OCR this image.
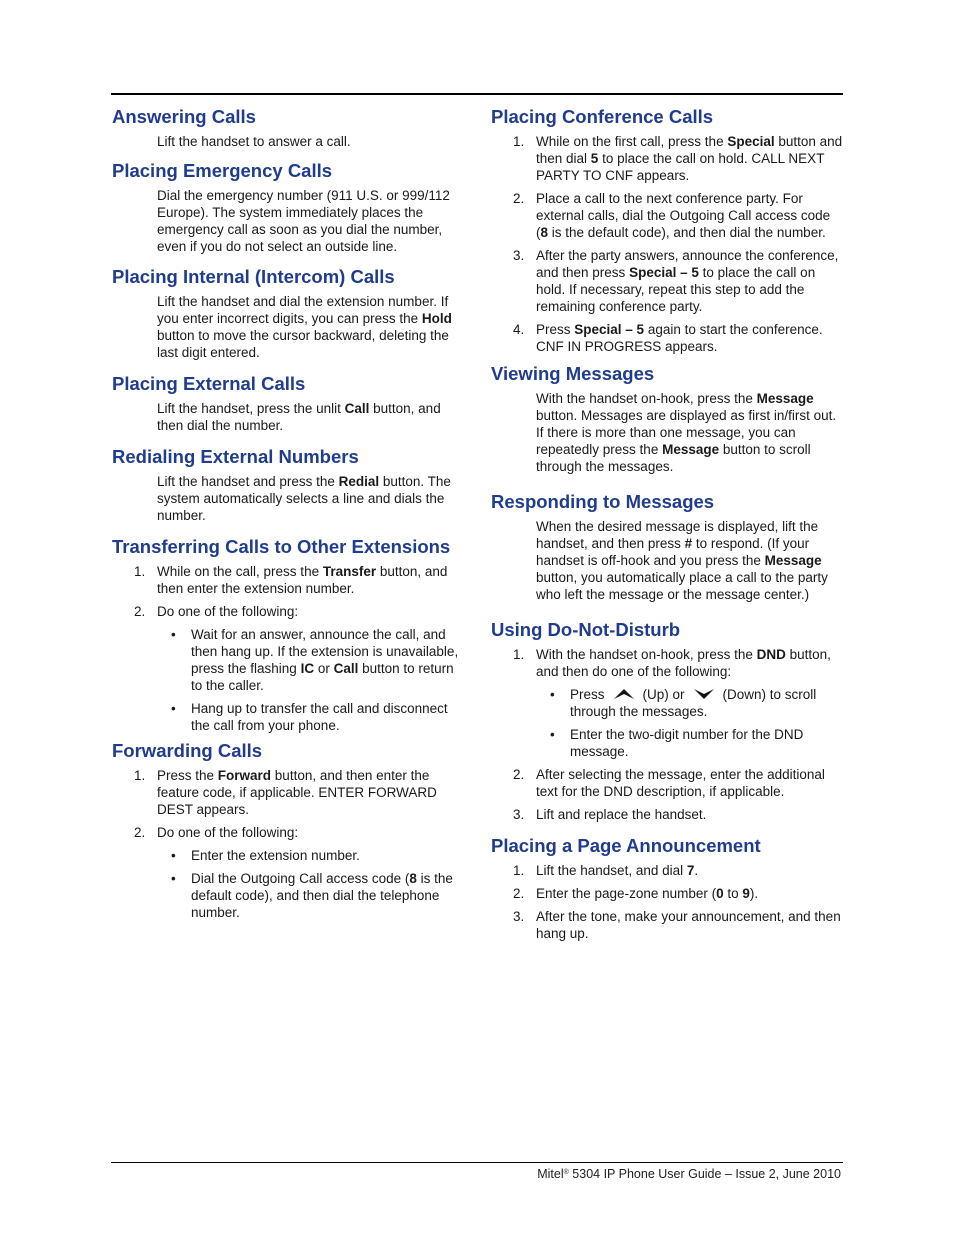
Answering Calls
Lift the handset to answer a call.
Placing Emergency Calls
Dial the emergency number (911 U.S. or 999/112 Europe). The system immediately places the emergency call as soon as you dial the number, even if you do not select an outside line.
Placing Internal (Intercom) Calls
Lift the handset and dial the extension number. If you enter incorrect digits, you can press the Hold button to move the cursor backward, deleting the last digit entered.
Placing External Calls
Lift the handset, press the unlit Call button, and then dial the number.
Redialing External Numbers
Lift the handset and press the Redial button. The system automatically selects a line and dials the number.
Transferring Calls to Other Extensions
1. While on the call, press the Transfer button, and then enter the extension number.
2. Do one of the following:
• Wait for an answer, announce the call, and then hang up. If the extension is unavailable, press the flashing IC or Call button to return to the caller.
• Hang up to transfer the call and disconnect the call from your phone.
Forwarding Calls
1. Press the Forward button, and then enter the feature code, if applicable. ENTER FORWARD DEST appears.
2. Do one of the following:
• Enter the extension number.
• Dial the Outgoing Call access code (8 is the default code), and then dial the telephone number.
Placing Conference Calls
1. While on the first call, press the Special button and then dial 5 to place the call on hold. CALL NEXT PARTY TO CNF appears.
2. Place a call to the next conference party. For external calls, dial the Outgoing Call access code (8 is the default code), and then dial the number.
3. After the party answers, announce the conference, and then press Special – 5 to place the call on hold. If necessary, repeat this step to add the remaining conference party.
4. Press Special – 5 again to start the conference. CNF IN PROGRESS appears.
Viewing Messages
With the handset on-hook, press the Message button. Messages are displayed as first in/first out. If there is more than one message, you can repeatedly press the Message button to scroll through the messages.
Responding to Messages
When the desired message is displayed, lift the handset, and then press # to respond. (If your handset is off-hook and you press the Message button, you automatically place a call to the party who left the message or the message center.)
Using Do-Not-Disturb
1. With the handset on-hook, press the DND button, and then do one of the following:
• Press	(Up) or	(Down) to scroll through the messages.
• Enter the two-digit number for the DND message.
2. After selecting the message, enter the additional text for the DND description, if applicable.
3. Lift and replace the handset.
Placing a Page Announcement
1. Lift the handset, and dial 7.
2. Enter the page-zone number (0 to 9).
3. After the tone, make your announcement, and then hang up.
Mitel® 5304 IP Phone User Guide – Issue 2, June 2010
